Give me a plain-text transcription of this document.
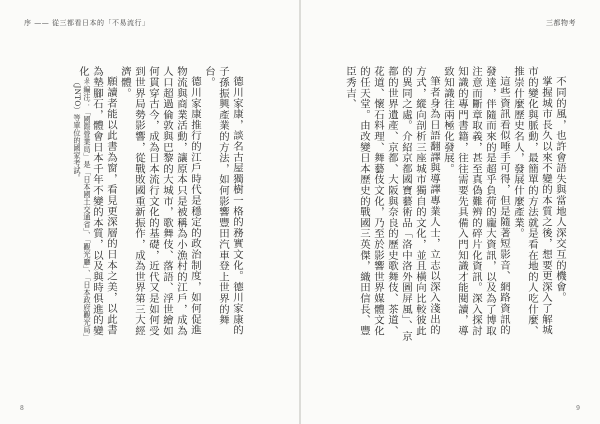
序 —— 從三都看日本的「不易流行」

德川家康，談名古屋獨樹一格的務實文化。德川家康的子孫振興產業的方法，如何影響豐田汽車登上世界的舞台。

德川家康推行的江戶時代是穩定的政治制度，如何促進物流與商業活動，讓原本只是被稱為小漁村的江戶，成為人口超過倫敦與巴黎的大城市，歌舞伎、落語、浮世繪如何貫穿古今，成為日本流行文化的基礎，近代又是如何受到世界局勢影響，從戰敗國重新振作，成為世界第三大經濟體。

願讀者能以此書為窗，看見更深層的日本之美，以此書為墊腳石，體會日本千年不變的本質，以及與時俱進的變化。

＊編注：「國際營業局」是「日本國土交通省」、「觀光廳」、「日本政府觀光局」（JNTO）等單位的國家考試。
8
三都物考

不同的風，也許會語失與當地人深交互的機會。

掌握城市長久以來不變的本質之後，想要更深入了解城市的變化與脈動，最簡單的方法就是看在地的人吃什麼、推崇什麼歷史名人，發展什麼產業。

這些資訊看似唾手可得，但是隨著短影音、網路資訊的發達，伴隨而來的是超乎負荷的龐大資訊，以及為了博取注意而斷章取義，甚至真偽難辨的碎片化資訊。深入探討知識的專門書籍，往往需要先具備入門知識才能閱讀，導致知識往兩極化發展。

筆者身為日語翻譯與導譯專業人士，立志以深入淺出的方式，縱向剖析三座城市獨自的文化，並且橫向比較彼此的異同之處。介紹京都國寶藝術品「洛中洛外圖屏風」、京都的世界遺產、京都、大阪與奈良的歷史歌舞伎、茶道、花道、懷石料理、舞藝伎文化，乃至於影響世界媒體文化的任天堂。由改變日本歷史的戰國三英傑，織田信長、豐臣秀吉、

9
